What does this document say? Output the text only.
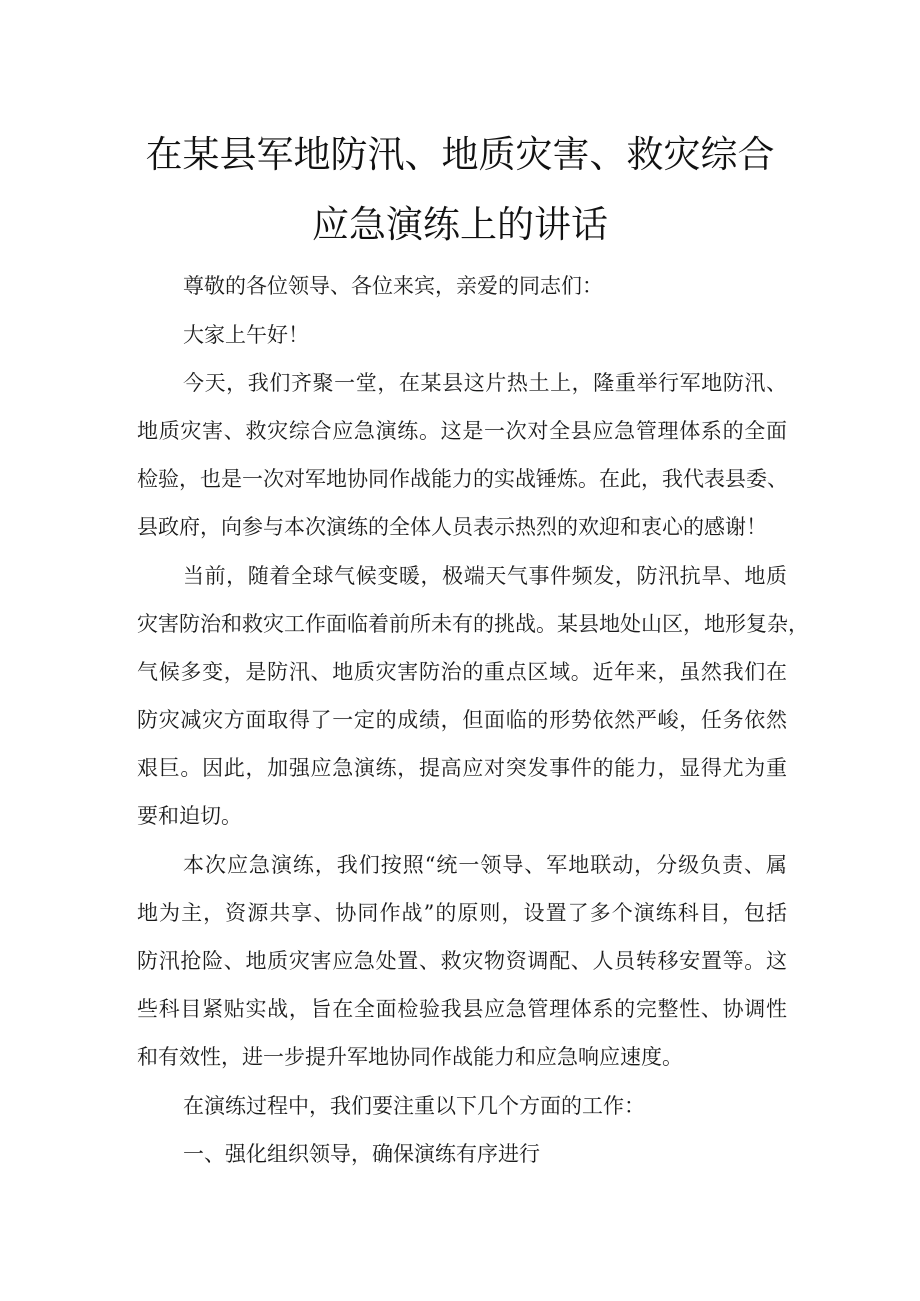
在某县军地防汛、地质灾害、救灾综合
应急演练上的讲话

尊敬的各位领导、各位来宾，亲爱的同志们：

大家上午好！

今天，我们齐聚一堂，在某县这片热土上，隆重举行军地防汛、

地质灾害、救灾综合应急演练。这是一次对全县应急管理体系的全面

检验，也是一次对军地协同作战能力的实战锤炼。在此，我代表县委、

县政府，向参与本次演练的全体人员表示热烈的欢迎和衷心的感谢！

当前，随着全球气候变暖，极端天气事件频发，防汛抗旱、地质

灾害防治和救灾工作面临着前所未有的挑战。某县地处山区，地形复杂，

气候多变，是防汛、地质灾害防治的重点区域。近年来，虽然我们在

防灾减灾方面取得了一定的成绩，但面临的形势依然严峻，任务依然

艰巨。因此，加强应急演练，提高应对突发事件的能力，显得尤为重

要和迫切。

本次应急演练，我们按照“统一领导、军地联动，分级负责、属

地为主，资源共享、协同作战”的原则，设置了多个演练科目，包括

防汛抢险、地质灾害应急处置、救灾物资调配、人员转移安置等。这

些科目紧贴实战，旨在全面检验我县应急管理体系的完整性、协调性

和有效性，进一步提升军地协同作战能力和应急响应速度。

在演练过程中，我们要注重以下几个方面的工作：

一、强化组织领导，确保演练有序进行
